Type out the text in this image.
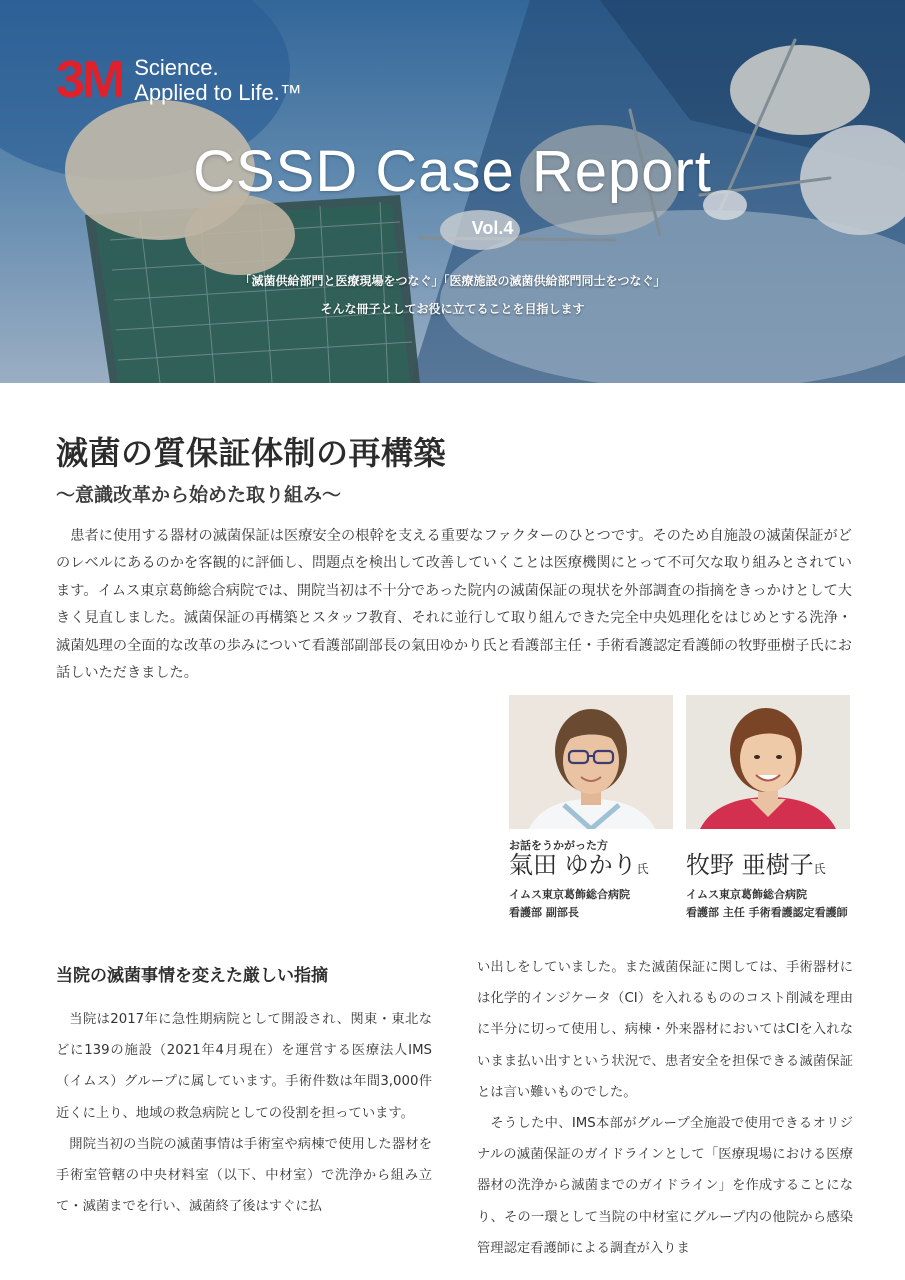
3M Science.
Applied to Life.™
CSSD Case Report
Vol.4
「滅菌供給部門と医療現場をつなぐ」「医療施設の滅菌供給部門同士をつなぐ」
そんな冊子としてお役に立てることを目指します
滅菌の質保証体制の再構築
～意識改革から始めた取り組み～

患者に使用する器材の滅菌保証は医療安全の根幹を支える重要なファクターのひとつです。そのため自施設の滅菌保証がどのレベルにあるのかを客観的に評価し、問題点を検出して改善していくことは医療機関にとって不可欠な取り組みとされています。イムス東京葛飾総合病院では、開院当初は不十分であった院内の滅菌保証の現状を外部調査の指摘をきっかけとして大きく見直しました。滅菌保証の再構築とスタッフ教育、それに並行して取り組んできた完全中央処理化をはじめとする洗浄・滅菌処理の全面的な改革の歩みについて看護部副部長の氣田ゆかり氏と看護部主任・手術看護認定看護師の牧野亜樹子氏にお話しいただきました。

お話をうかがった方
氣田 ゆかり氏
イムス東京葛飾総合病院
看護部 副部長
牧野 亜樹子氏
イムス東京葛飾総合病院
看護部 主任 手術看護認定看護師
当院の滅菌事情を変えた厳しい指摘

当院は2017年に急性期病院として開設され、関東・東北などに139の施設（2021年4月現在）を運営する医療法人IMS（イムス）グループに属しています。手術件数は年間3,000件近くに上り、地域の救急病院としての役割を担っています。

開院当初の当院の滅菌事情は手術室や病棟で使用した器材を手術室管轄の中央材料室（以下、中材室）で洗浄から組み立て・滅菌までを行い、滅菌終了後はすぐに払

い出しをしていました。また滅菌保証に関しては、手術器材には化学的インジケータ（CI）を入れるもののコスト削減を理由に半分に切って使用し、病棟・外来器材においてはCIを入れないまま払い出すという状況で、患者安全を担保できる滅菌保証とは言い難いものでした。

そうした中、IMS本部がグループ全施設で使用できるオリジナルの滅菌保証のガイドラインとして「医療現場における医療器材の洗浄から滅菌までのガイドライン」を作成することになり、その一環として当院の中材室にグループ内の他院から感染管理認定看護師による調査が入りま
